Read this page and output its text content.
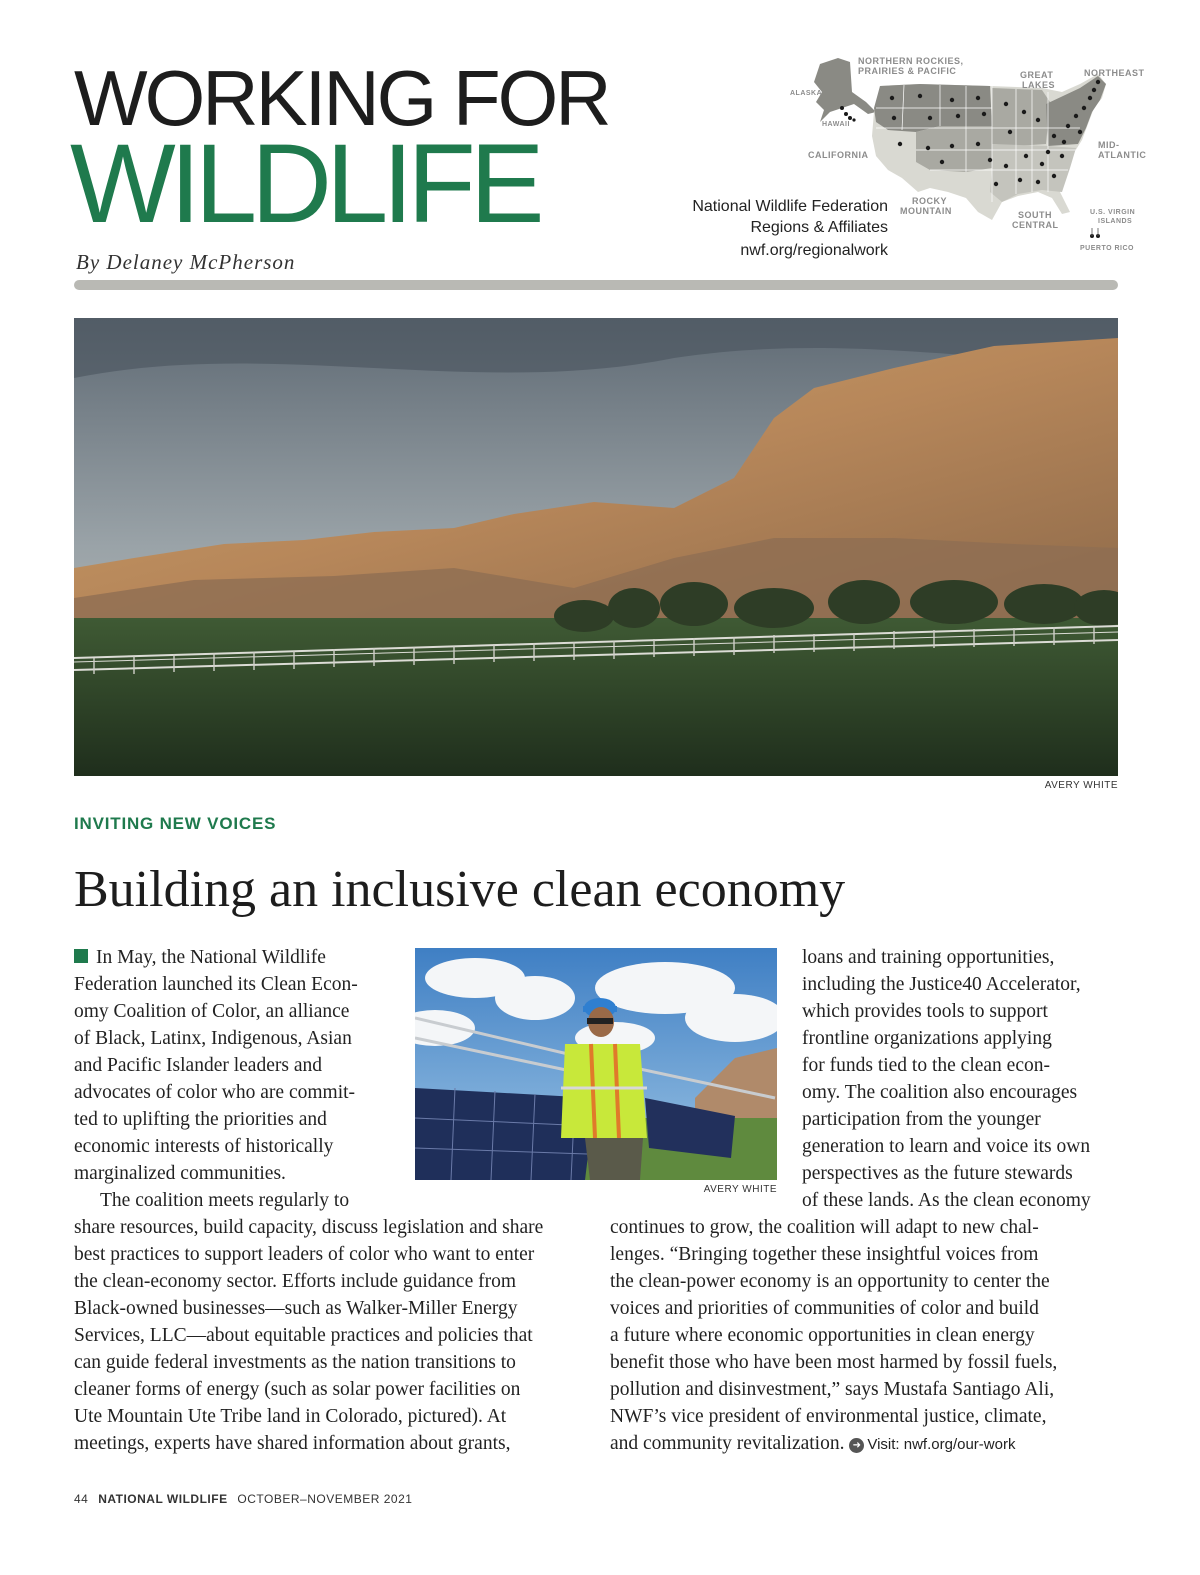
WORKING FOR
WILDLIFE
By Delaney McPherson
National Wildlife Federation
Regions & Affiliates
nwf.org/regionalwork
NORTHERN ROCKIES,
PRAIRIES & PACIFIC	GREAT
LAKES
NORTHEAST
ALASKA
HAWAII
CALIFORNIA
MID-
ATLANTIC
ROCKY
MOUNTAIN	SOUTH
CENTRAL
U.S. VIRGIN
ISLANDS
PUERTO RICO
AVERY WHITE
INVITING NEW VOICES
Building an inclusive clean economy
AVERY WHITE
In May, the National Wildlife
Federation launched its Clean Econ-
omy Coalition of Color, an alliance
of Black, Latinx, Indigenous, Asian
and Pacific Islander leaders and
advocates of color who are commit-
ted to uplifting the priorities and
economic interests of historically
marginalized communities.
The coalition meets regularly to
share resources, build capacity, discuss legislation and share
best practices to support leaders of color who want to enter
the clean-economy sector. Efforts include guidance from
Black-owned businesses—such as Walker-Miller Energy
Services, LLC—about equitable practices and policies that
can guide federal investments as the nation transitions to
cleaner forms of energy (such as solar power facilities on
Ute Mountain Ute Tribe land in Colorado, pictured). At
meetings, experts have shared information about grants,
loans and training opportunities,
including the Justice40 Accelerator,
which provides tools to support
frontline organizations applying
for funds tied to the clean econ-
omy. The coalition also encourages
participation from the younger
generation to learn and voice its own
perspectives as the future stewards
of these lands. As the clean economy
continues to grow, the coalition will adapt to new chal-
lenges. “Bringing together these insightful voices from
the clean-power economy is an opportunity to center the
voices and priorities of communities of color and build
a future where economic opportunities in clean energy
benefit those who have been most harmed by fossil fuels,
pollution and disinvestment,” says Mustafa Santiago Ali,
NWF’s vice president of environmental justice, climate,
and community revitalization. ➜ Visit: nwf.org/our-work
44 NATIONAL WILDLIFE OCTOBER–NOVEMBER 2021
